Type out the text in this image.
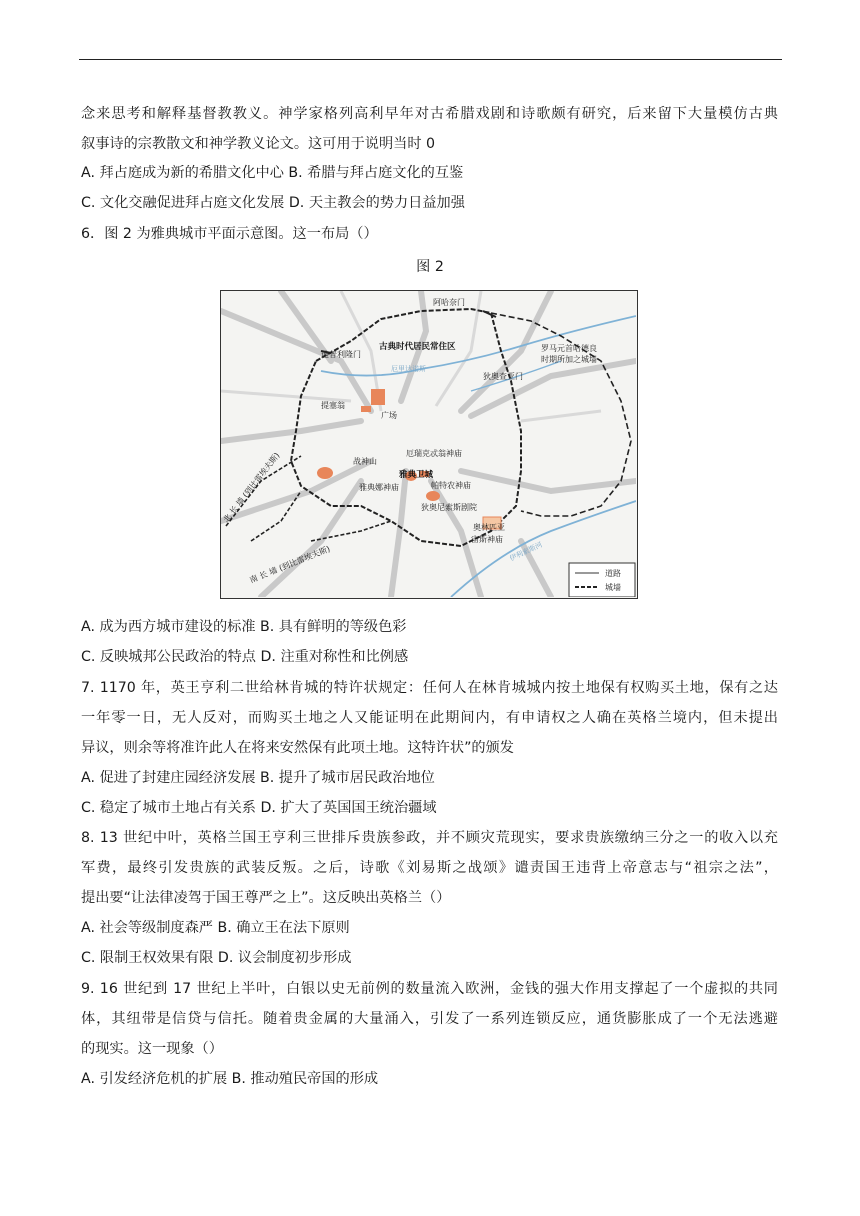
念来思考和解释基督教教义。神学家格列高利早年对古希腊戏剧和诗歌颇有研究，后来留下大量模仿古典
叙事诗的宗教散文和神学教义论文。这可用于说明当时 0
A. 拜占庭成为新的希腊文化中心 B. 希腊与拜占庭文化的互鉴
C. 文化交融促进拜占庭文化发展 D. 天主教会的势力日益加强
6．图 2 为雅典城市平面示意图。这一布局（）
图 2
厄里达诺斯
伊利索斯河
阿哈奈门
迪普利隆门
古典时代居民常住区	罗马元首哈德良
时期所加之城墙
狄奥查亚门
提塞翁
广场
战神山
厄瑞克忒翁神庙
雅典卫城
雅典娜神庙	帕特农神庙
狄奥尼索斯剧院
奥林匹亚
宙斯神庙
北 长 墙 (到比雷埃夫斯)
南 长 墙 (到比雷埃夫斯)	道路
城墙
A. 成为西方城市建设的标准 B. 具有鲜明的等级色彩
C. 反映城邦公民政治的特点 D. 注重对称性和比例感
7. 1170 年，英王亨利二世给林肯城的特许状规定：任何人在林肯城城内按土地保有权购买土地，保有之达
一年零一日，无人反对，而购买土地之人又能证明在此期间内，有申请权之人确在英格兰境内，但未提出
异议，则余等将准许此人在将来安然保有此项土地。这特许状”的颁发
A. 促进了封建庄园经济发展 B. 提升了城市居民政治地位
C. 稳定了城市土地占有关系 D. 扩大了英国国王统治疆域
8. 13 世纪中叶，英格兰国王亨利三世排斥贵族参政，并不顾灾荒现实，要求贵族缴纳三分之一的收入以充
军费，最终引发贵族的武装反叛。之后，诗歌《刘易斯之战颂》谴责国王违背上帝意志与“祖宗之法”，
提出要“让法律凌驾于国王尊严之上”。这反映出英格兰（）
A. 社会等级制度森严 B. 确立王在法下原则
C. 限制王权效果有限 D. 议会制度初步形成
9. 16 世纪到 17 世纪上半叶，白银以史无前例的数量流入欧洲，金钱的强大作用支撑起了一个虚拟的共同
体，其纽带是信贷与信托。随着贵金属的大量涌入，引发了一系列连锁反应，通货膨胀成了一个无法逃避
的现实。这一现象（）
A. 引发经济危机的扩展 B. 推动殖民帝国的形成
